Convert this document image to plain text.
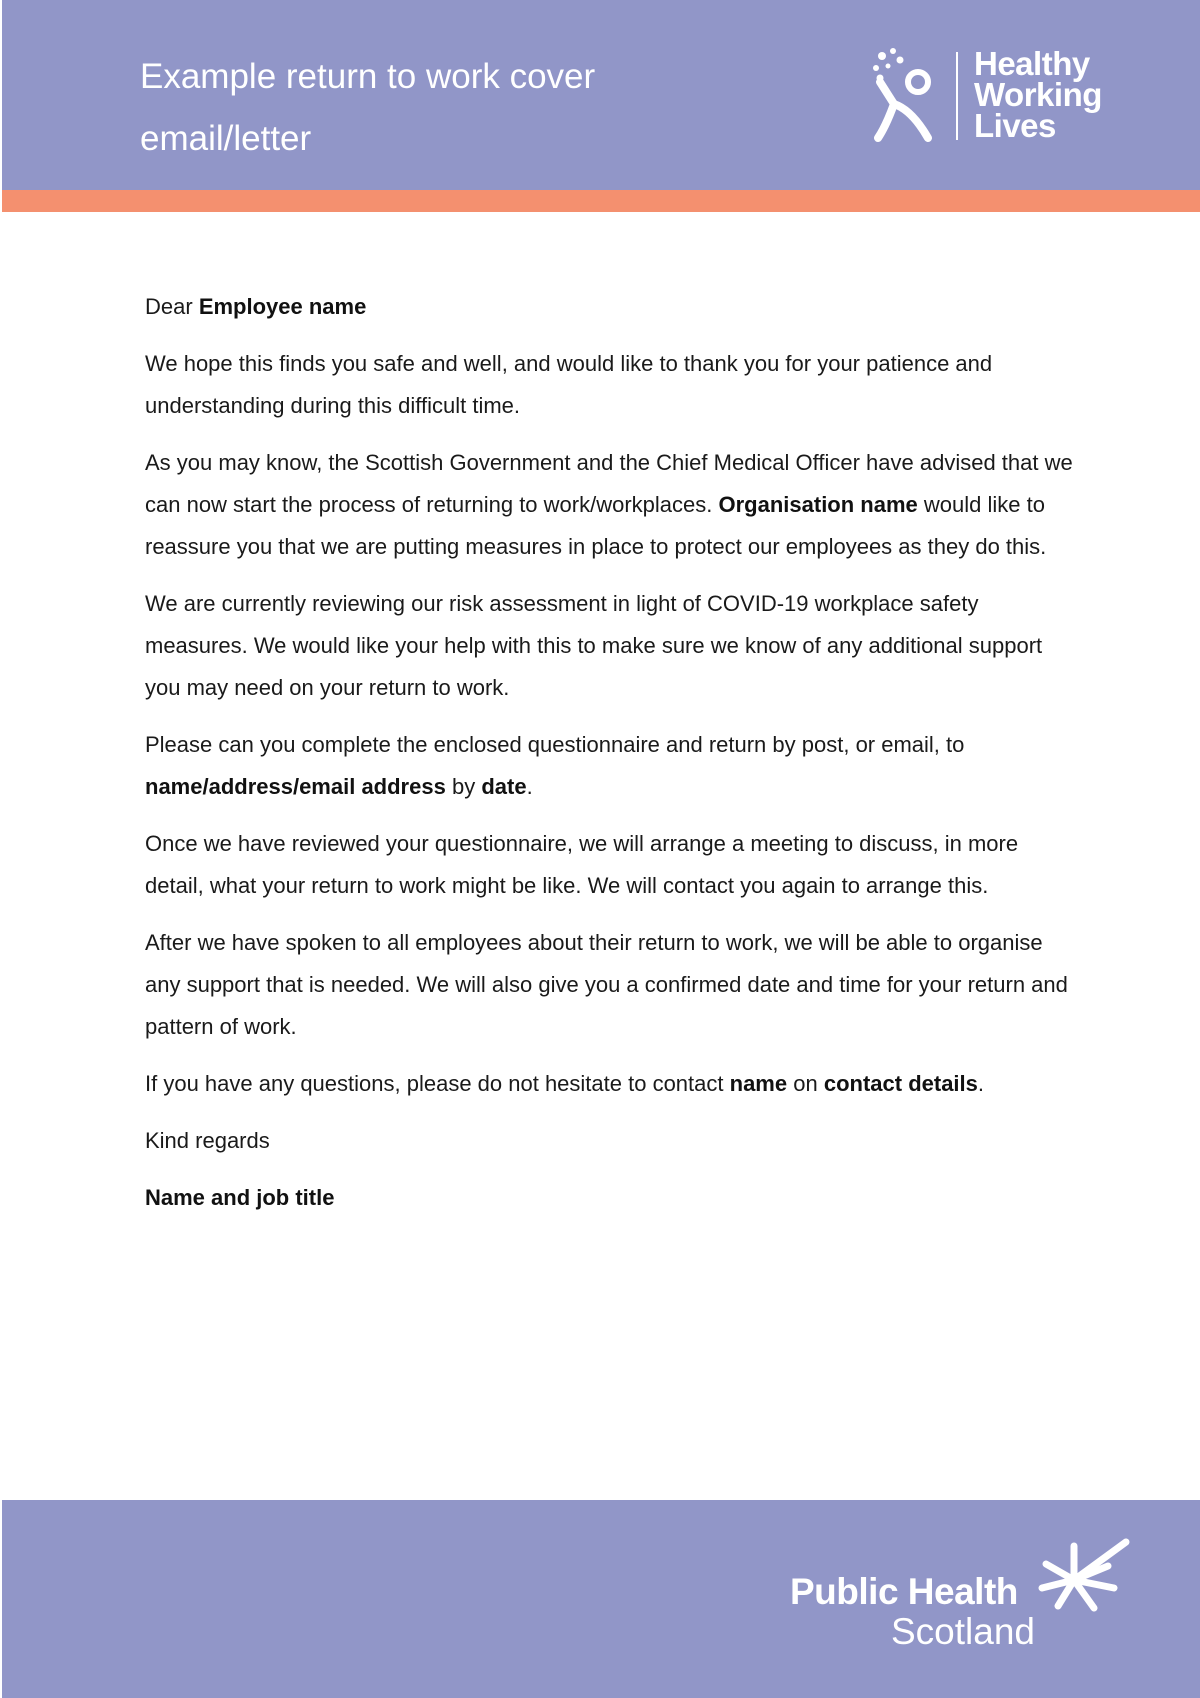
Example return to work cover
email/letter
Healthy
Working
Lives

Dear Employee name

We hope this finds you safe and well, and would like to thank you for your patience and understanding during this difficult time.

As you may know, the Scottish Government and the Chief Medical Officer have advised that we can now start the process of returning to work/workplaces. Organisation name would like to reassure you that we are putting measures in place to protect our employees as they do this.

We are currently reviewing our risk assessment in light of COVID-19 workplace safety measures. We would like your help with this to make sure we know of any additional support you may need on your return to work.

Please can you complete the enclosed questionnaire and return by post, or email, to name/address/email address by date.

Once we have reviewed your questionnaire, we will arrange a meeting to discuss, in more detail, what your return to work might be like. We will contact you again to arrange this.

After we have spoken to all employees about their return to work, we will be able to organise any support that is needed. We will also give you a confirmed date and time for your return and pattern of work.

If you have any questions, please do not hesitate to contact name on contact details.

Kind regards

Name and job title

Public Health
Scotland
